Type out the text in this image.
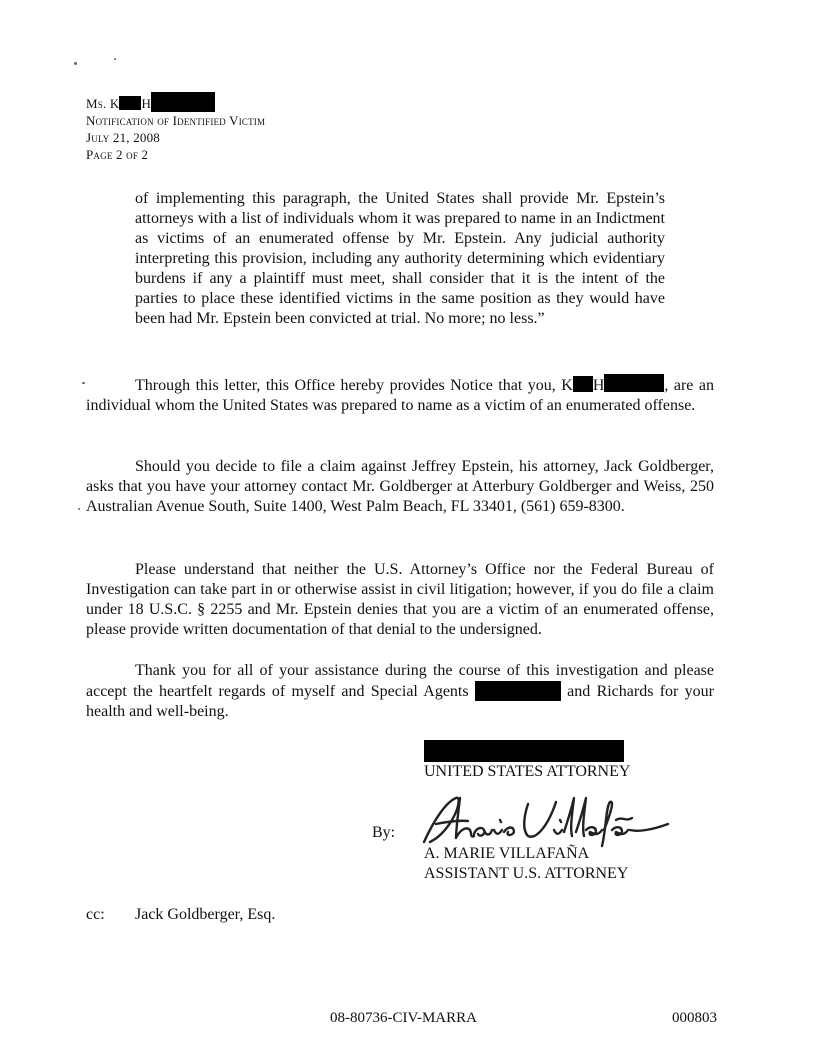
Ms. K H
Notification of Identified Victim
July 21, 2008
Page 2 of 2
of implementing this paragraph, the United States shall provide Mr. Epstein’s attorneys with a list of individuals whom it was prepared to name in an Indictment as victims of an enumerated offense by Mr. Epstein. Any judicial authority interpreting this provision, including any authority determining which evidentiary burdens if any a plaintiff must meet, shall consider that it is the intent of the parties to place these identified victims in the same position as they would have been had Mr. Epstein been convicted at trial. No more; no less.”
Through this letter, this Office hereby provides Notice that you, K H	, are an individual whom the United States was prepared to name as a victim of an enumerated offense.
Should you decide to file a claim against Jeffrey Epstein, his attorney, Jack Goldberger, asks that you have your attorney contact Mr. Goldberger at Atterbury Goldberger and Weiss, 250 Australian Avenue South, Suite 1400, West Palm Beach, FL 33401, (561) 659-8300.
Please understand that neither the U.S. Attorney’s Office nor the Federal Bureau of Investigation can take part in or otherwise assist in civil litigation; however, if you do file a claim under 18 U.S.C. § 2255 and Mr. Epstein denies that you are a victim of an enumerated offense, please provide written documentation of that denial to the undersigned.
Thank you for all of your assistance during the course of this investigation and please accept the heartfelt regards of myself and Special Agents	and Richards for your health and well-being.
UNITED STATES ATTORNEY
By:
A. MARIE VILLAFAÑA
ASSISTANT U.S. ATTORNEY
cc: Jack Goldberger, Esq.
08-80736-CIV-MARRA	000803
